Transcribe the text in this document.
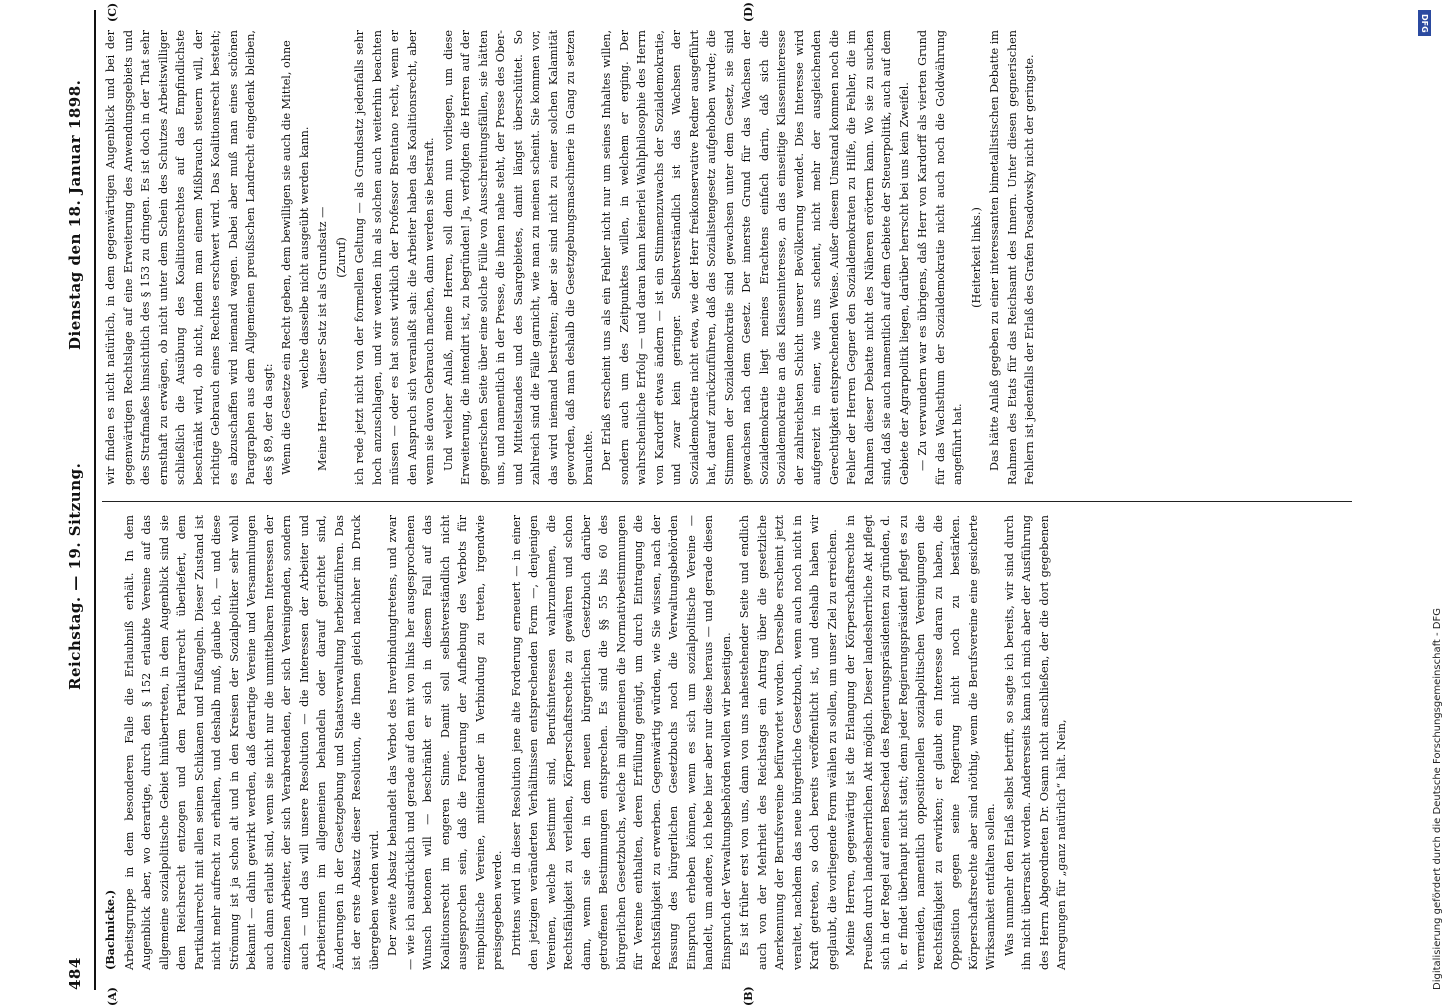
484
Reichstag. — 19. Sitzung.
Dienstag den 18. Januar 1898.
(A)	(B)
(C)	(D)

(Bachnicke.) Arbeitsgruppe in dem besonderen Falle die Erlaubniß erhält. In dem Augenblick aber, wo derartige, durch den § 152 erlaubte Vereine auf das allgemeine sozialpolitische Gebiet hinübertreten, in dem Augenblick sind sie dem Reichsrecht entzogen und dem Partikularrecht überliefert, dem Partikularrecht mit allen seinen Schikanen und Fußangeln. Dieser Zustand ist nicht mehr aufrecht zu erhalten, und deshalb muß, glaube ich, — und diese Strömung ist ja schon alt und in den Kreisen der Sozialpolitiker sehr wohl bekannt — dahin gewirkt werden, daß derartige Vereine und Versammlungen auch dann erlaubt sind, wenn sie nicht nur die unmittelbaren Interessen der einzelnen Arbeiter, der sich Verabredenden, der sich Vereinigenden, sondern auch — und das will unsere Resolution — die Interessen der Arbeiter und Arbeiterinnen im allgemeinen behandeln oder darauf gerichtet sind, Änderungen in der Gesetzgebung und Staatsverwaltung herbeizuführen. Das ist der erste Absatz dieser Resolution, die Ihnen gleich nachher im Druck übergeben werden wird. Der zweite Absatz behandelt das Verbot des Inverbindungtretens, und zwar — wie ich ausdrücklich und gerade auf den mit von links her ausgesprochenen Wunsch betonen will — beschränkt er sich in diesem Fall auf das Koalitionsrecht im engeren Sinne. Damit soll selbstverständlich nicht ausgesprochen sein, daß die Forderung der Aufhebung des Verbots für reinpolitische Vereine, miteinander in Verbindung zu treten, irgendwie preisgegeben werde. Drittens wird in dieser Resolution jene alte Forderung erneuert — in einer den jetzigen veränderten Verhältnissen entsprechenden Form —, denjenigen Vereinen, welche bestimmt sind, Berufsinteressen wahrzunehmen, die Rechtsfähigkeit zu verleihen, Körperschaftsrechte zu gewähren und schon dann, wenn sie den in dem neuen bürgerlichen Gesetzbuch darüber getroffenen Bestimmungen entsprechen. Es sind die §§ 55 bis 60 des bürgerlichen Gesetzbuchs, welche im allgemeinen die Normativbestimmungen für Vereine enthalten, deren Erfüllung genügt, um durch Eintragung die Rechtsfähigkeit zu erwerben. Gegenwärtig würden, wie Sie wissen, nach der Fassung des bürgerlichen Gesetzbuchs noch die Verwaltungsbehörden Einspruch erheben können, wenn es sich um sozialpolitische Vereine — handelt, um andere, ich hebe hier aber nur diese heraus — und gerade diesen Einspruch der Verwaltungsbehörden wollen wir beseitigen. Es ist früher erst von uns, dann von uns nahestehender Seite und endlich auch von der Mehrheit des Reichstags ein Antrag über die gesetzliche Anerkennung der Berufsvereine befürwortet worden. Derselbe erscheint jetzt veraltet, nachdem das neue bürgerliche Gesetzbuch, wenn auch noch nicht in Kraft getreten, so doch bereits veröffentlicht ist, und deshalb haben wir geglaubt, die vorliegende Form wählen zu sollen, um unser Ziel zu erreichen. Meine Herren, gegenwärtig ist die Erlangung der Körperschaftsrechte in Preußen durch landesherrlichen Akt möglich. Dieser landesherrliche Akt pflegt sich in der Regel auf einen Bescheid des Regierungspräsidenten zu gründen, d. h. er findet überhaupt nicht statt; denn jeder Regierungspräsident pflegt es zu vermeiden, namentlich oppositionellen sozialpolitischen Vereinigungen die Rechtsfähigkeit zu erwirken; er glaubt ein Interesse daran zu haben, die Opposition gegen seine Regierung nicht noch zu bestärken. Körperschaftsrechte aber sind nöthig, wenn die Berufsvereine eine gesicherte Wirksamkeit entfalten sollen. Was nunmehr den Erlaß selbst betrifft, so sagte ich bereits, wir sind durch ihn nicht überrascht worden. Andererseits kann ich mich aber der Ausführung des Herrn Abgeordneten Dr. Osann nicht anschließen, der die dort gegebenen Anregungen für „ganz natürlich“ hält. Nein,

wir finden es nicht natürlich, in dem gegenwärtigen Augenblick und bei der gegenwärtigen Rechtslage auf eine Erweiterung des Anwendungsgebiets und des Strafmaßes hinsichtlich des § 153 zu dringen. Es ist doch in der That sehr ernsthaft zu erwägen, ob nicht unter dem Schein des Schutzes Arbeitswilliger schließlich die Ausübung des Koalitionsrechtes auf das Empfindlichste beschränkt wird, ob nicht, indem man einem Mißbrauch steuern will, der richtige Gebrauch eines Rechtes erschwert wird. Das Koalitionsrecht besteht; es abzuschaffen wird niemand wagen. Dabei aber muß man eines schönen Paragraphen aus dem Allgemeinen preußischen Landrecht eingedenk bleiben, des § 89, der da sagt: Wenn die Gesetze ein Recht geben, dem bewilligen sie auch die Mittel, ohne welche dasselbe nicht ausgeübt werden kann. Meine Herren, dieser Satz ist als Grundsatz — (Zuruf) ich rede jetzt nicht von der formellen Geltung — als Grundsatz jedenfalls sehr hoch anzuschlagen, und wir werden ihn als solchen auch weiterhin beachten müssen — oder es hat sonst wirklich der Professor Brentano recht, wenn er den Anspruch sich veranlaßt sah: die Arbeiter haben das Koalitionsrecht, aber wenn sie davon Gebrauch machen, dann werden sie bestraft. Und welcher Anlaß, meine Herren, soll denn nun vorliegen, um diese Erweiterung, die intendirt ist, zu begründen! Ja, verfolgten die Herren auf der gegnerischen Seite über eine solche Fülle von Ausschreitungsfällen, sie hätten uns, und namentlich in der Presse, die ihnen nahe steht, der Presse des Ober- und Mittelstandes und des Saargebietes, damit längst überschüttet. So zahlreich sind die Fälle garnicht, wie man zu meinen scheint. Sie kommen vor, das wird niemand bestreiten; aber sie sind nicht zu einer solchen Kalamität geworden, daß man deshalb die Gesetzgebungsmaschinerie in Gang zu setzen brauchte. Der Erlaß erscheint uns als ein Fehler nicht nur um seines Inhaltes willen, sondern auch um des Zeitpunktes willen, in welchem er erging. Der wahrscheinliche Erfolg — und daran kann keinerlei Wahlphilosophie des Herrn von Kardorff etwas ändern — ist ein Stimmenzuwachs der Sozialdemokratie, und zwar kein geringer. Selbstverständlich ist das Wachsen der Sozialdemokratie nicht etwa, wie der Herr freikonservative Redner ausgeführt hat, darauf zurückzuführen, daß das Sozialistengesetz aufgehoben wurde; die Stimmen der Sozialdemokratie sind gewachsen unter dem Gesetz, sie sind gewachsen nach dem Gesetz. Der innerste Grund für das Wachsen der Sozialdemokratie liegt meines Erachtens einfach darin, daß sich die Sozialdemokratie an das Klasseninteresse, an das einseitige Klasseninteresse der zahlreichsten Schicht unserer Bevölkerung wendet. Dies Interesse wird aufgereizt in einer, wie uns scheint, nicht mehr der ausgleichenden Gerechtigkeit entsprechenden Weise. Außer diesem Umstand kommen noch die Fehler der Herren Gegner den Sozialdemokraten zu Hilfe, die Fehler, die im Rahmen dieser Debatte nicht des Näheren erörtern kann. Wo sie zu suchen sind, daß sie auch namentlich auf dem Gebiete der Steuerpolitik, auch auf dem Gebiete der Agrarpolitik liegen, darüber herrscht bei uns kein Zweifel. — Zu verwundern war es übrigens, daß Herr von Kardorff als vierten Grund für das Wachsthum der Sozialdemokratie nicht auch noch die Goldwährung angeführt hat.

(Heiterkeit links.) Das hätte Anlaß gegeben zu einer interessanten bimetallistischen Debatte im Rahmen des Etats für das Reichsamt des Innern. Unter diesen gegnerischen Fehlern ist jedenfalls der Erlaß des Grafen Posadowsky nicht der geringste.

DFG
Digitalisierung gefördert durch die Deutsche Forschungsgemeinschaft - DFG
